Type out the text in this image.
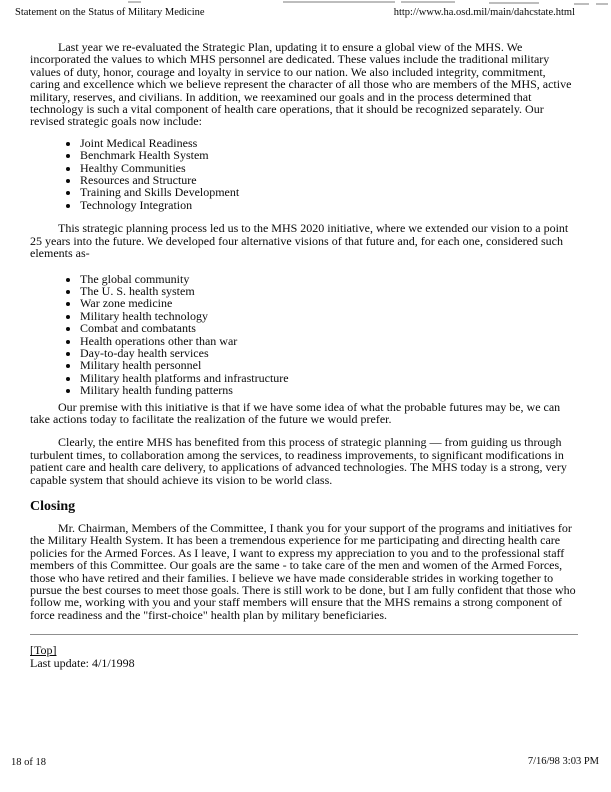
Statement on the Status of Military Medicine	http://www.ha.osd.mil/main/dahcstate.html

Last year we re-evaluated the Strategic Plan, updating it to ensure a global view of the MHS. We incorporated the values to which MHS personnel are dedicated. These values include the traditional military values of duty, honor, courage and loyalty in service to our nation. We also included integrity, commitment, caring and excellence which we believe represent the character of all those who are members of the MHS, active military, reserves, and civilians. In addition, we reexamined our goals and in the process determined that technology is such a vital component of health care operations, that it should be recognized separately. Our revised strategic goals now include:

• Joint Medical Readiness
• Benchmark Health System
• Healthy Communities
• Resources and Structure
• Training and Skills Development
• Technology Integration

This strategic planning process led us to the MHS 2020 initiative, where we extended our vision to a point 25 years into the future. We developed four alternative visions of that future and, for each one, considered such elements as-

• The global community
• The U. S. health system
• War zone medicine
• Military health technology
• Combat and combatants
• Health operations other than war
• Day-to-day health services
• Military health personnel
• Military health platforms and infrastructure
• Military health funding patterns

Our premise with this initiative is that if we have some idea of what the probable futures may be, we can take actions today to facilitate the realization of the future we would prefer.

Clearly, the entire MHS has benefited from this process of strategic planning — from guiding us through turbulent times, to collaboration among the services, to readiness improvements, to significant modifications in patient care and health care delivery, to applications of advanced technologies. The MHS today is a strong, very capable system that should achieve its vision to be world class.

Closing

Mr. Chairman, Members of the Committee, I thank you for your support of the programs and initiatives for the Military Health System. It has been a tremendous experience for me participating and directing health care policies for the Armed Forces. As I leave, I want to express my appreciation to you and to the professional staff members of this Committee. Our goals are the same - to take care of the men and women of the Armed Forces, those who have retired and their families. I believe we have made considerable strides in working together to pursue the best courses to meet those goals. There is still work to be done, but I am fully confident that those who follow me, working with you and your staff members will ensure that the MHS remains a strong component of force readiness and the "first-choice" health plan by military beneficiaries.

[Top]
Last update: 4/1/1998
18 of 18	7/16/98 3:03 PM
